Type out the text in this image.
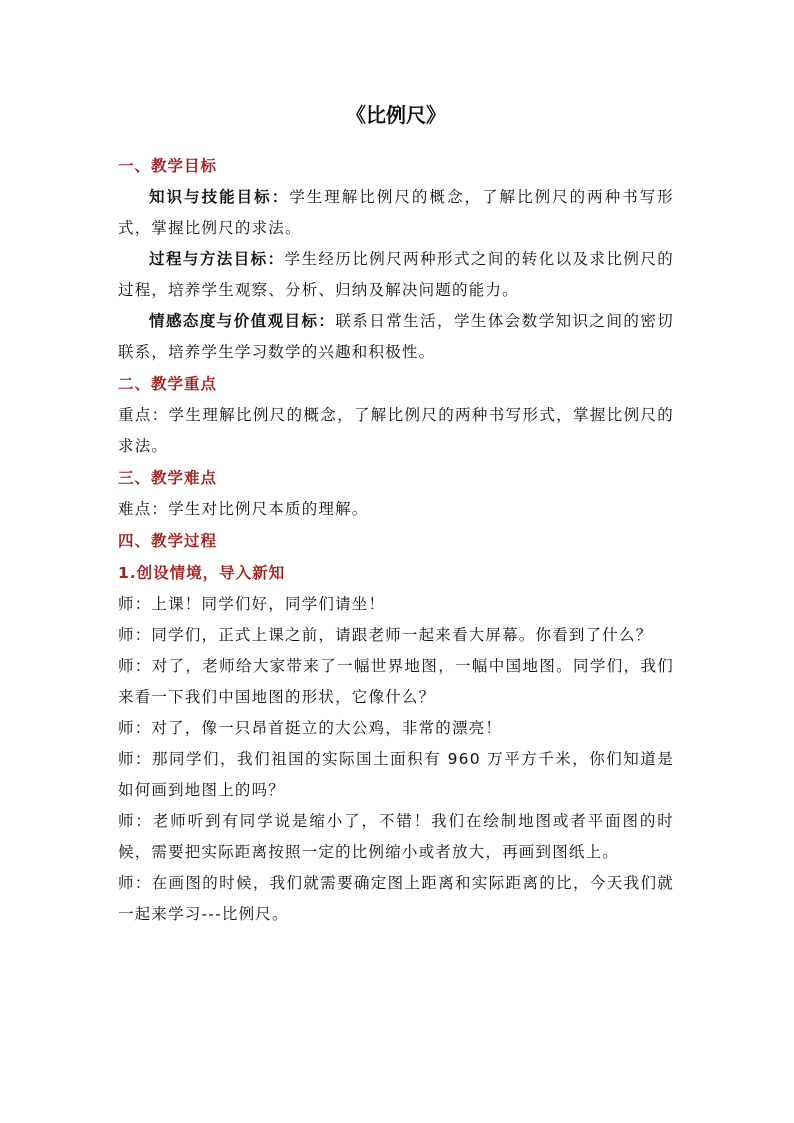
《比例尺》
一、教学目标

知识与技能目标：学生理解比例尺的概念，了解比例尺的两种书写形式，掌握比例尺的求法。

过程与方法目标：学生经历比例尺两种形式之间的转化以及求比例尺的过程，培养学生观察、分析、归纳及解决问题的能力。

情感态度与价值观目标：联系日常生活，学生体会数学知识之间的密切联系，培养学生学习数学的兴趣和积极性。

二、教学重点

重点：学生理解比例尺的概念，了解比例尺的两种书写形式，掌握比例尺的求法。

三、教学难点

难点：学生对比例尺本质的理解。

四、教学过程
1.创设情境，导入新知

师：上课！同学们好，同学们请坐！

师：同学们，正式上课之前，请跟老师一起来看大屏幕。你看到了什么？

师：对了，老师给大家带来了一幅世界地图，一幅中国地图。同学们，我们来看一下我们中国地图的形状，它像什么？

师：对了，像一只昂首挺立的大公鸡，非常的漂亮！

师：那同学们，我们祖国的实际国土面积有 960 万平方千米，你们知道是如何画到地图上的吗？

师：老师听到有同学说是缩小了，不错！我们在绘制地图或者平面图的时候，需要把实际距离按照一定的比例缩小或者放大，再画到图纸上。

师：在画图的时候，我们就需要确定图上距离和实际距离的比，今天我们就一起来学习---比例尺。
